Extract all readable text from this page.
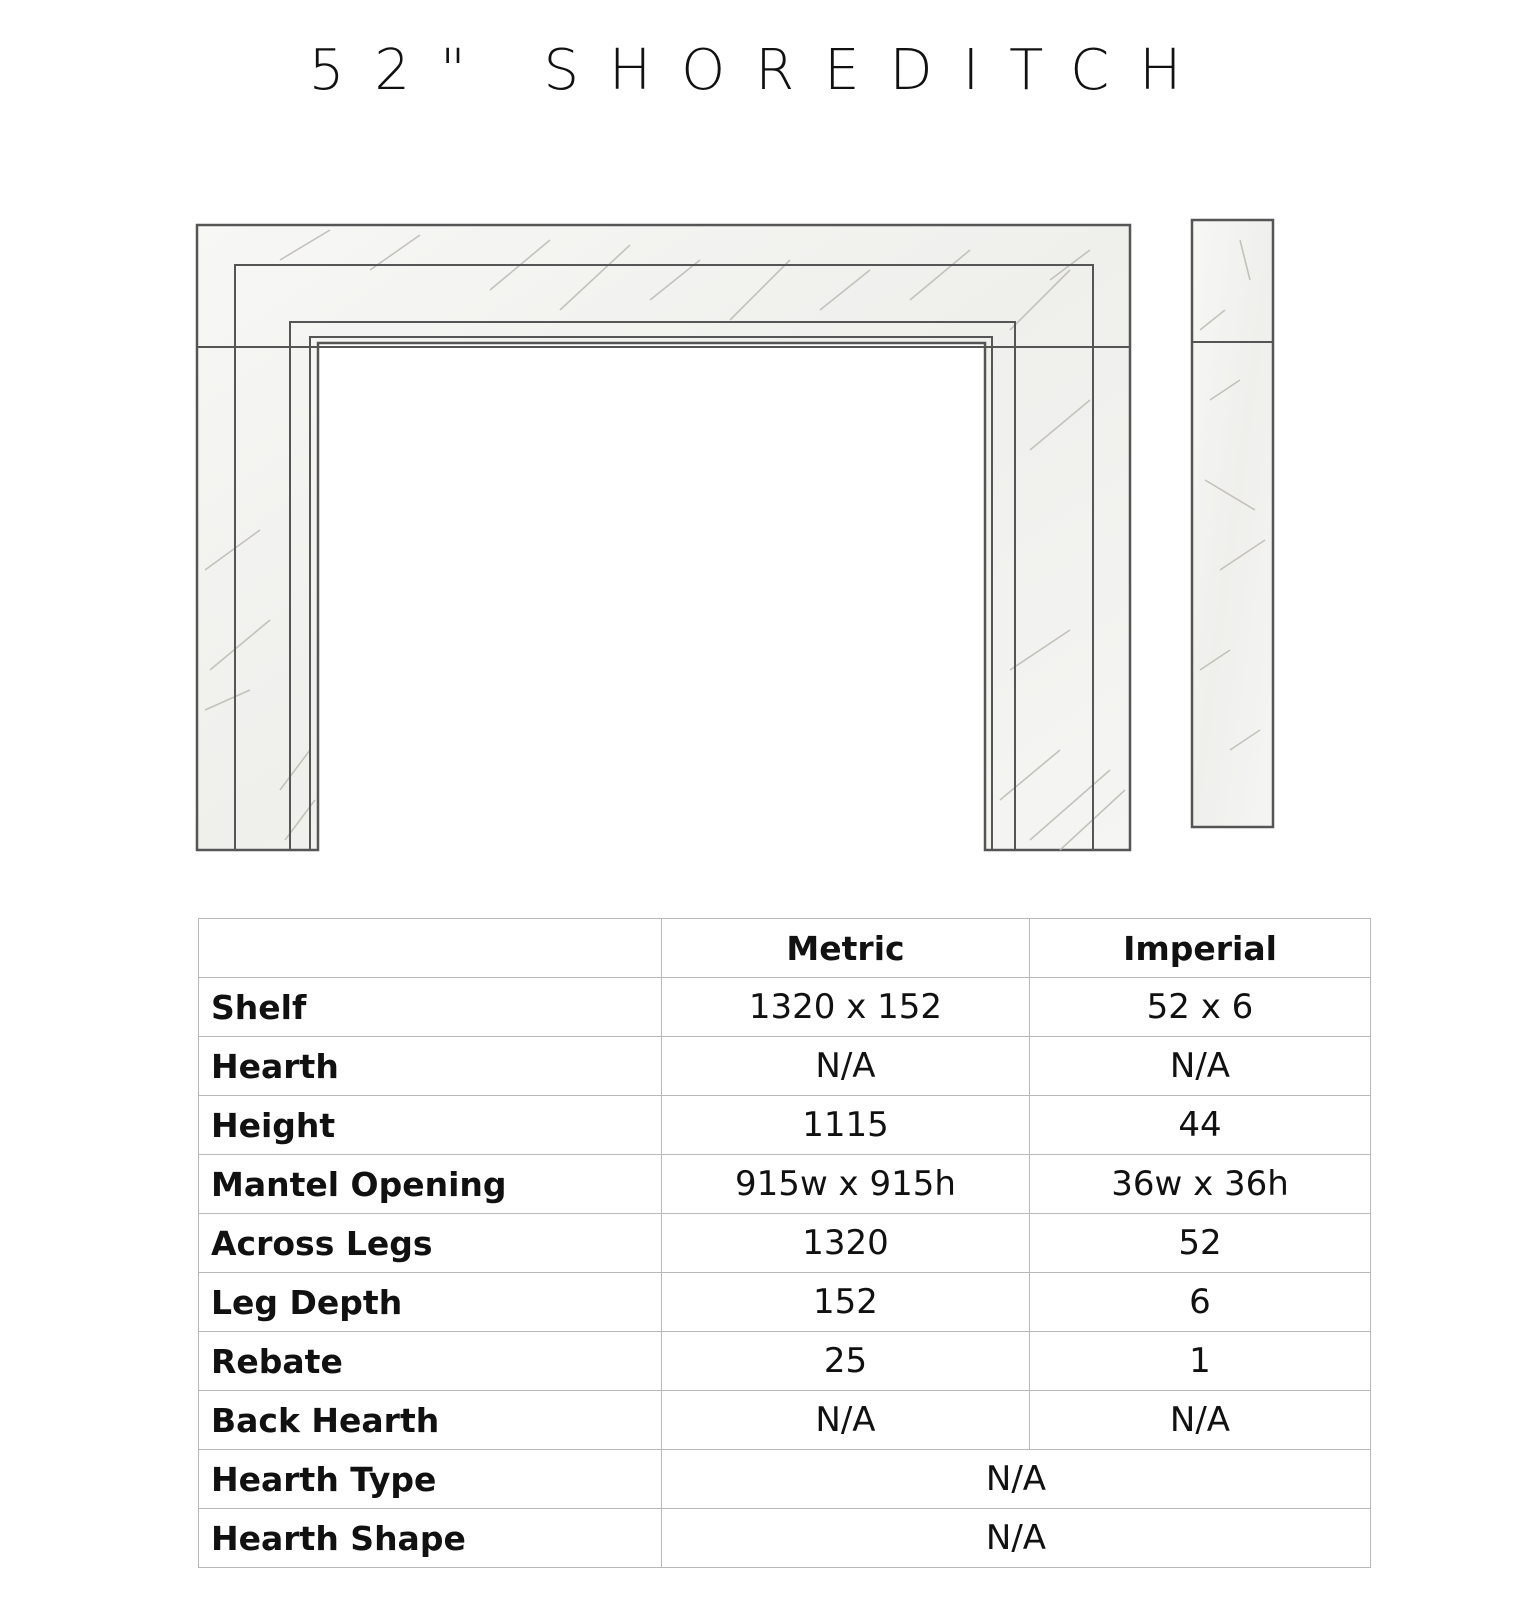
52" SHOREDITCH
	Metric	Imperial
Shelf	1320 x 152	52 x 6
Hearth	N/A	N/A
Height	1115	44
Mantel Opening	915w x 915h	36w x 36h
Across Legs	1320	52
Leg Depth	152	6
Rebate	25	1
Back Hearth	N/A	N/A
Hearth Type	N/A	
Hearth Shape	N/A	
